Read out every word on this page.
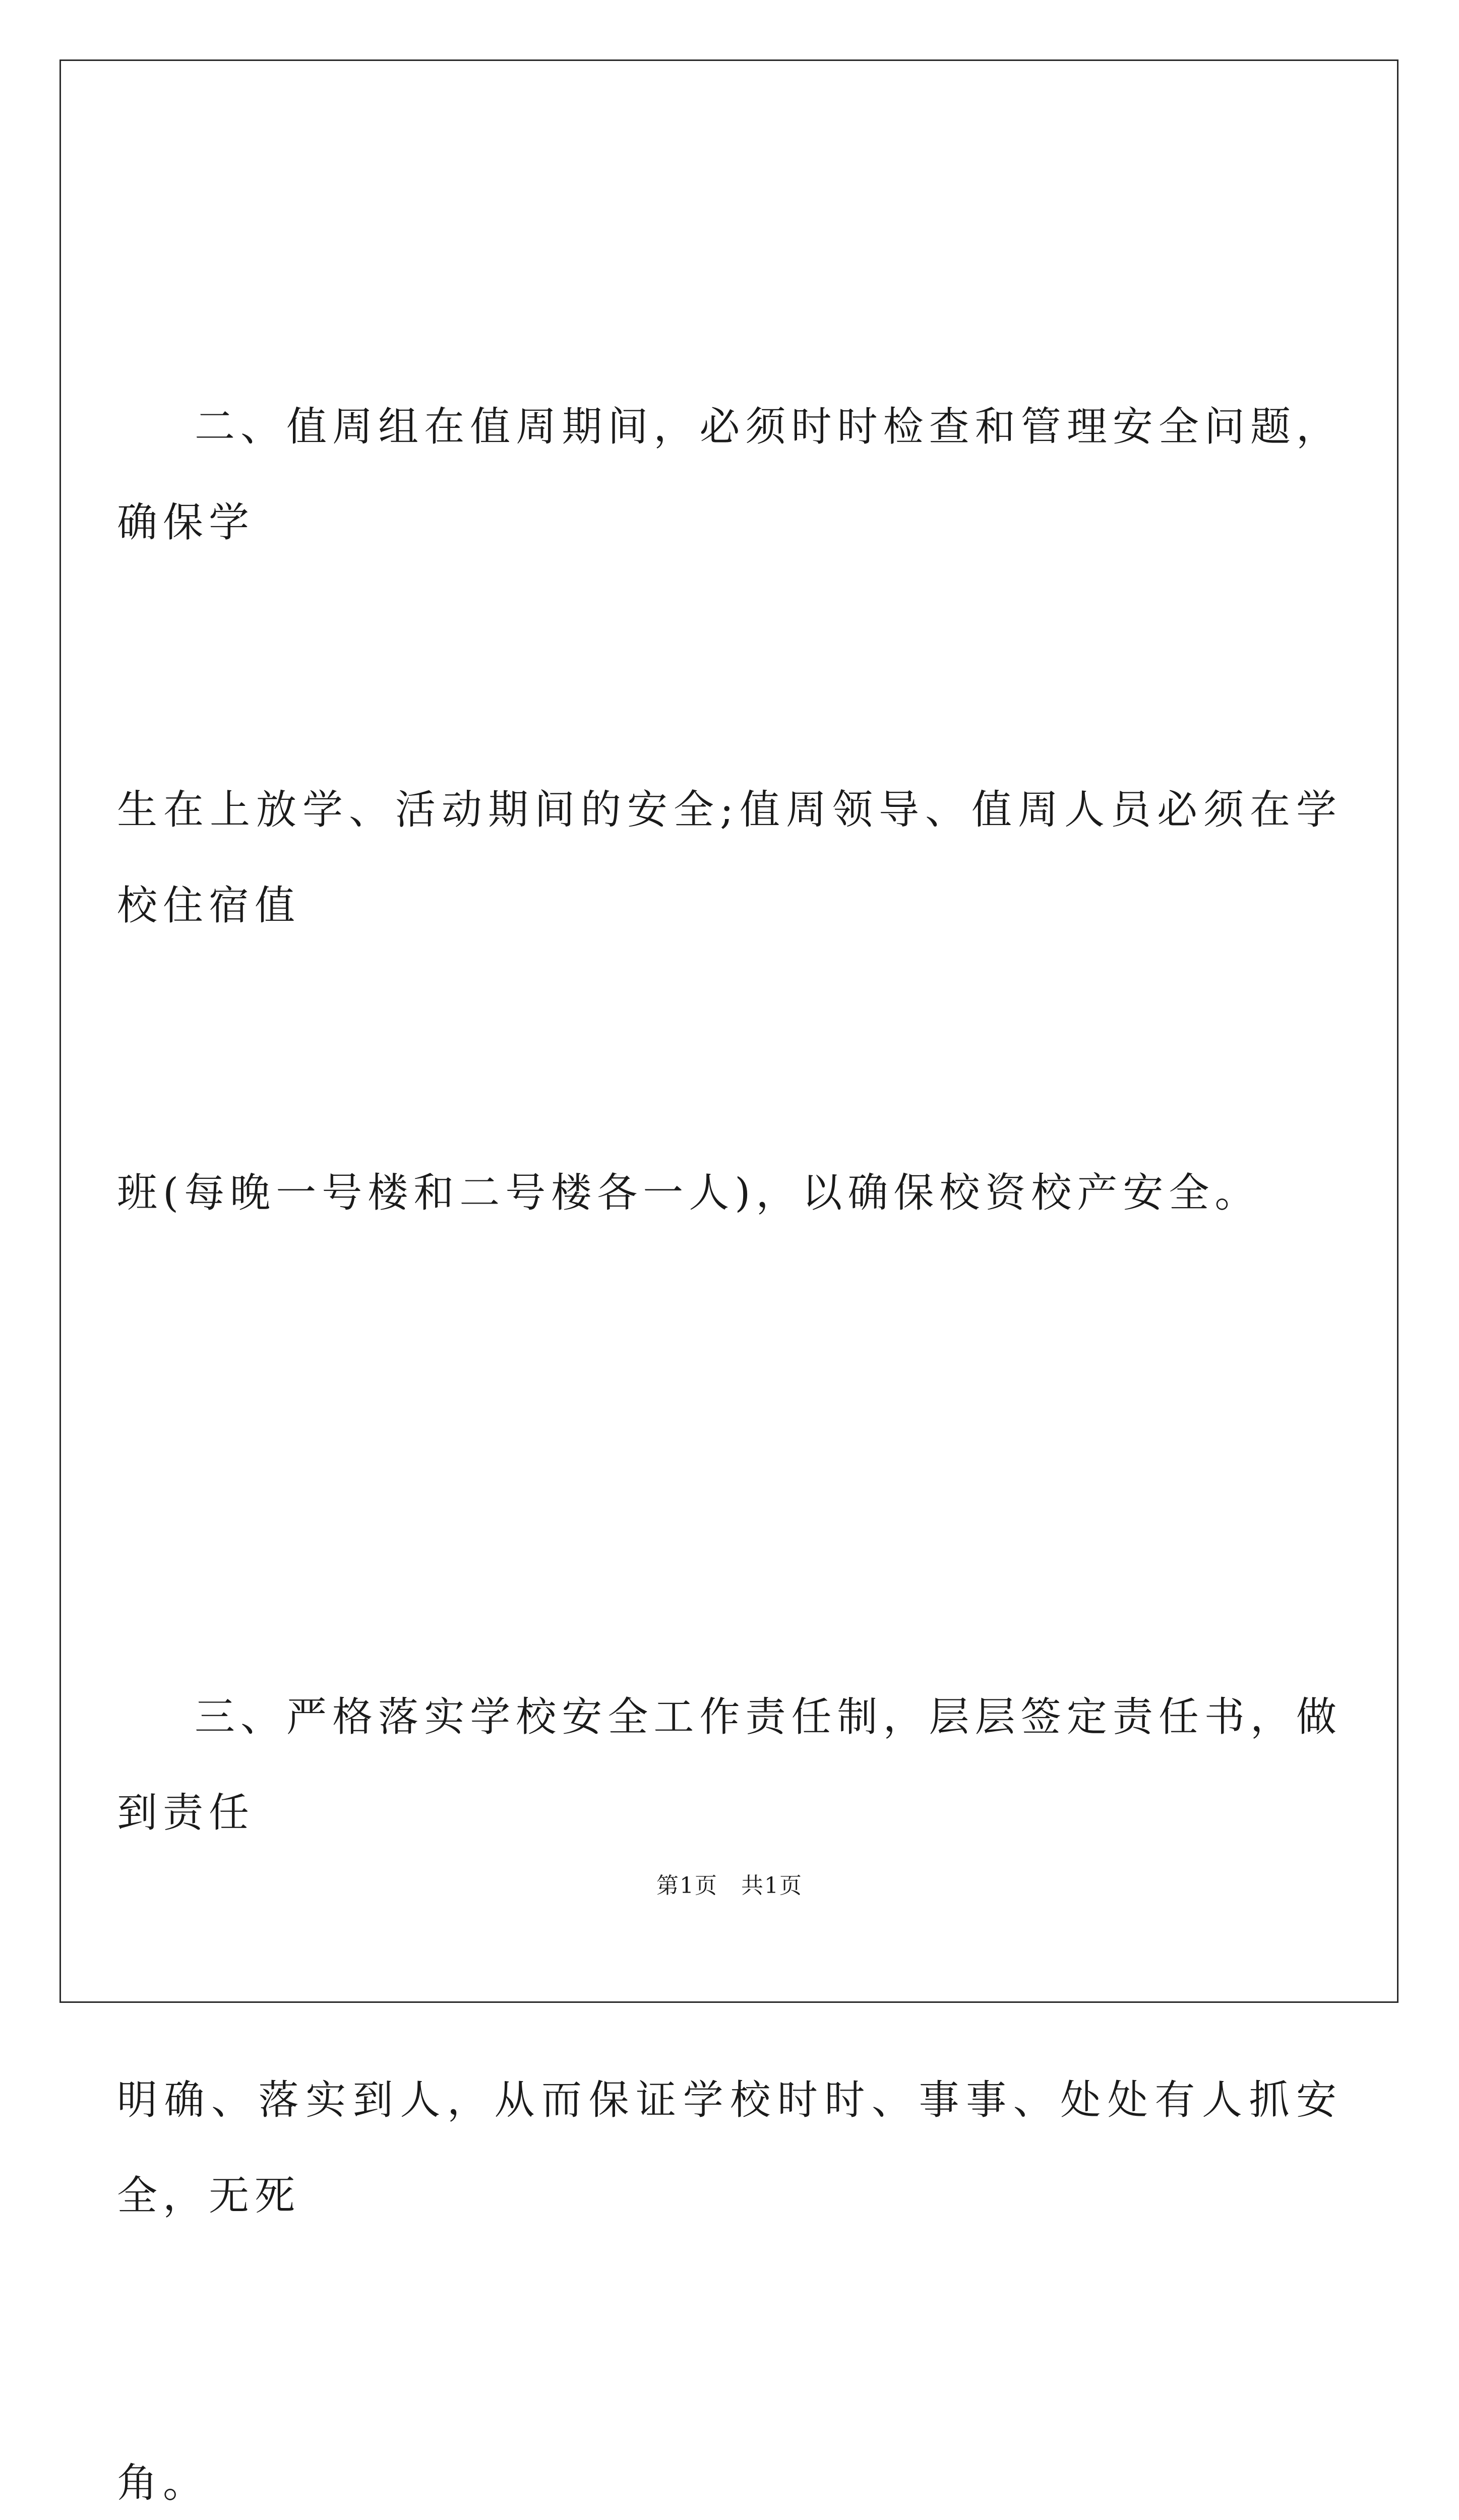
二、值周组在值周期间，必须时时检查和管理安全问题，确保学

生在上放学、活动期间的安全;值周领导、值周人员必须在学校住宿值

班(每晚一号楼和二号楼各一人)，以确保校资校产安全。

三、严格落实学校安全工作责任制，层层签定责任书，做到责任

明确、落实到人，从而保证学校时时、事事、处处有人抓安全，无死

角。

第1页　共1页
